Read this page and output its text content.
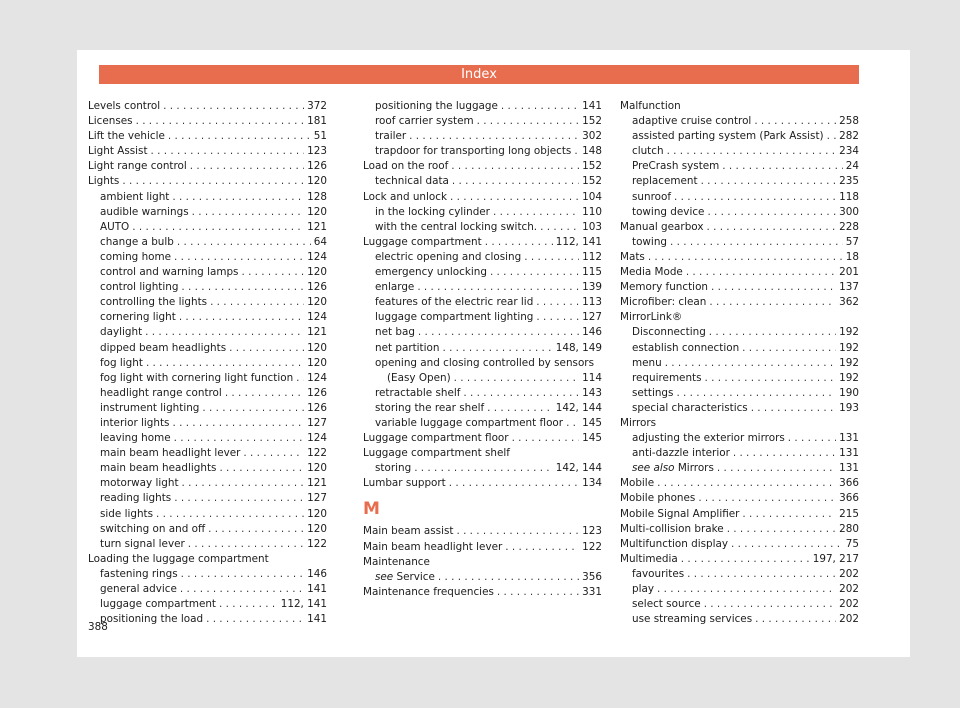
Index
Levels control . . .	372
Licenses . . .	181
Lift the vehicle . . .	51
Light Assist . . .	123
Light range control . . .	126
Lights . . .	120
ambient light . . .	128
audible warnings . . .	120
AUTO . . .	121
change a bulb . . .	64
coming home . . .	124
control and warning lamps . . .	120
control lighting . . .	126
controlling the lights . . .	120
cornering light . . .	124
daylight . . .	121
dipped beam headlights . . .	120
fog light . . .	120
fog light with cornering light function . . . 124
headlight range control . . .	126
instrument lighting . . .	126
interior lights . . .	127
leaving home . . .	124
main beam headlight lever . . .	122
main beam headlights . . .	120
motorway light . . .	121
reading lights . . .	127
side lights . . .	120
switching on and off . . .	120
turn signal lever . . .	122
Loading the luggage compartment
fastening rings . . .	146
general advice . . .	141
luggage compartment . . .	112, 141
positioning the load . . .	141
positioning the luggage . . .	141
roof carrier system . . .	152
trailer . . .	302
trapdoor for transporting long objects . . . 148
Load on the roof . . .	152
technical data . . .	152
Lock and unlock . . .	104
in the locking cylinder . . .	110
with the central locking switch. . . .	103
Luggage compartment . . .	112, 141
electric opening and closing . . .	112
emergency unlocking . . .	115
enlarge . . .	139
features of the electric rear lid . . .	113
luggage compartment lighting . . .	127
net bag . . .	146
net partition . . .	148, 149
opening and closing controlled by sensors
(Easy Open) . . .	114
retractable shelf . . .	143
storing the rear shelf . . .	142, 144
variable luggage compartment floor . . . 145
Luggage compartment floor . . .	145
Luggage compartment shelf
storing . . .	142, 144
Lumbar support . . .	134
M
Main beam assist . . .	123
Main beam headlight lever . . .	122
Maintenance
see Service . . .	356
Maintenance frequencies . . .	331
Malfunction
adaptive cruise control . . .	258
assisted parting system (Park Assist) . . . 282
clutch . . .	234
PreCrash system . . .	24
replacement . . .	235
sunroof . . .	118
towing device . . .	300
Manual gearbox . . .	228
towing . . .	57
Mats . . .	18
Media Mode . . .	201
Memory function . . .	137
Microfiber: clean . . .	362
MirrorLink®
Disconnecting . . .	192
establish connection . . .	192
menu . . .	192
requirements . . .	192
settings . . .	190
special characteristics . . .	193
Mirrors
adjusting the exterior mirrors . . .	131
anti-dazzle interior . . .	131
see also Mirrors . . .	131
Mobile . . .	366
Mobile phones . . .	366
Mobile Signal Amplifier . . .	215
Multi-collision brake . . .	280
Multifunction display . . .	75
Multimedia . . .	197, 217
favourites . . .	202
play . . .	202
select source . . .	202
use streaming services . . .	202
388
